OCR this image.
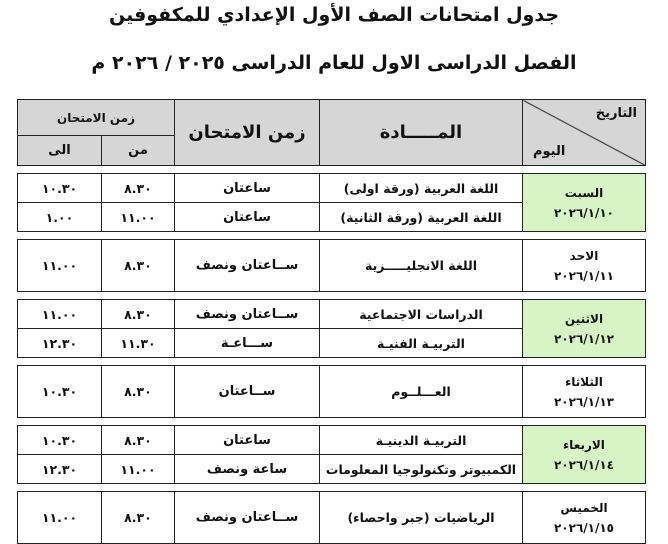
جدول امتحانات الصف الأول الإعدادي للمكفوفين
الفصل الدراسى الاول للعام الدراسى ٢٠٢٥ / ٢٠٢٦ م
التاريخ
اليوم	المـــــادة	زمن الامتحان	زمن الامتحان	
			من	الى

السبت
٢٠٢٦/١/١٠	اللغة العربية (ورقة اولى)	ساعتان	٨.٣٠	١٠.٣٠
	اللغة العربية (ورقة الثانية)	ساعتان	١١.٠٠	١.٠٠

الاحد
٢٠٢٦/١/١١	اللغة الانجليـــــزية	ســاعتان ونصف	٨.٣٠	١١.٠٠

الاثنين
٢٠٢٦/١/١٢	الدراسات الاجتماعية	ســاعتان ونصف	٨.٣٠	١١.٠٠
	التربيـة الفنيـة	ســـاعـة	١١.٣٠	١٢.٣٠

الثلاثاء
٢٠٢٦/١/١٣	العـــلــوم	ســاعتان	٨.٣٠	١٠.٣٠

الاربعاء
٢٠٢٦/١/١٤	التربيـة الدينيـة	ساعتان	٨.٣٠	١٠.٣٠
	الكمبيوتر وتكنولوجيا المعلومات	ساعة ونصف	١١.٠٠	١٢.٣٠

الخميس
٢٠٢٦/١/١٥	الرياضيات (جبر واحصاء)	ســاعتان ونصف	٨.٣٠	١١.٠٠
